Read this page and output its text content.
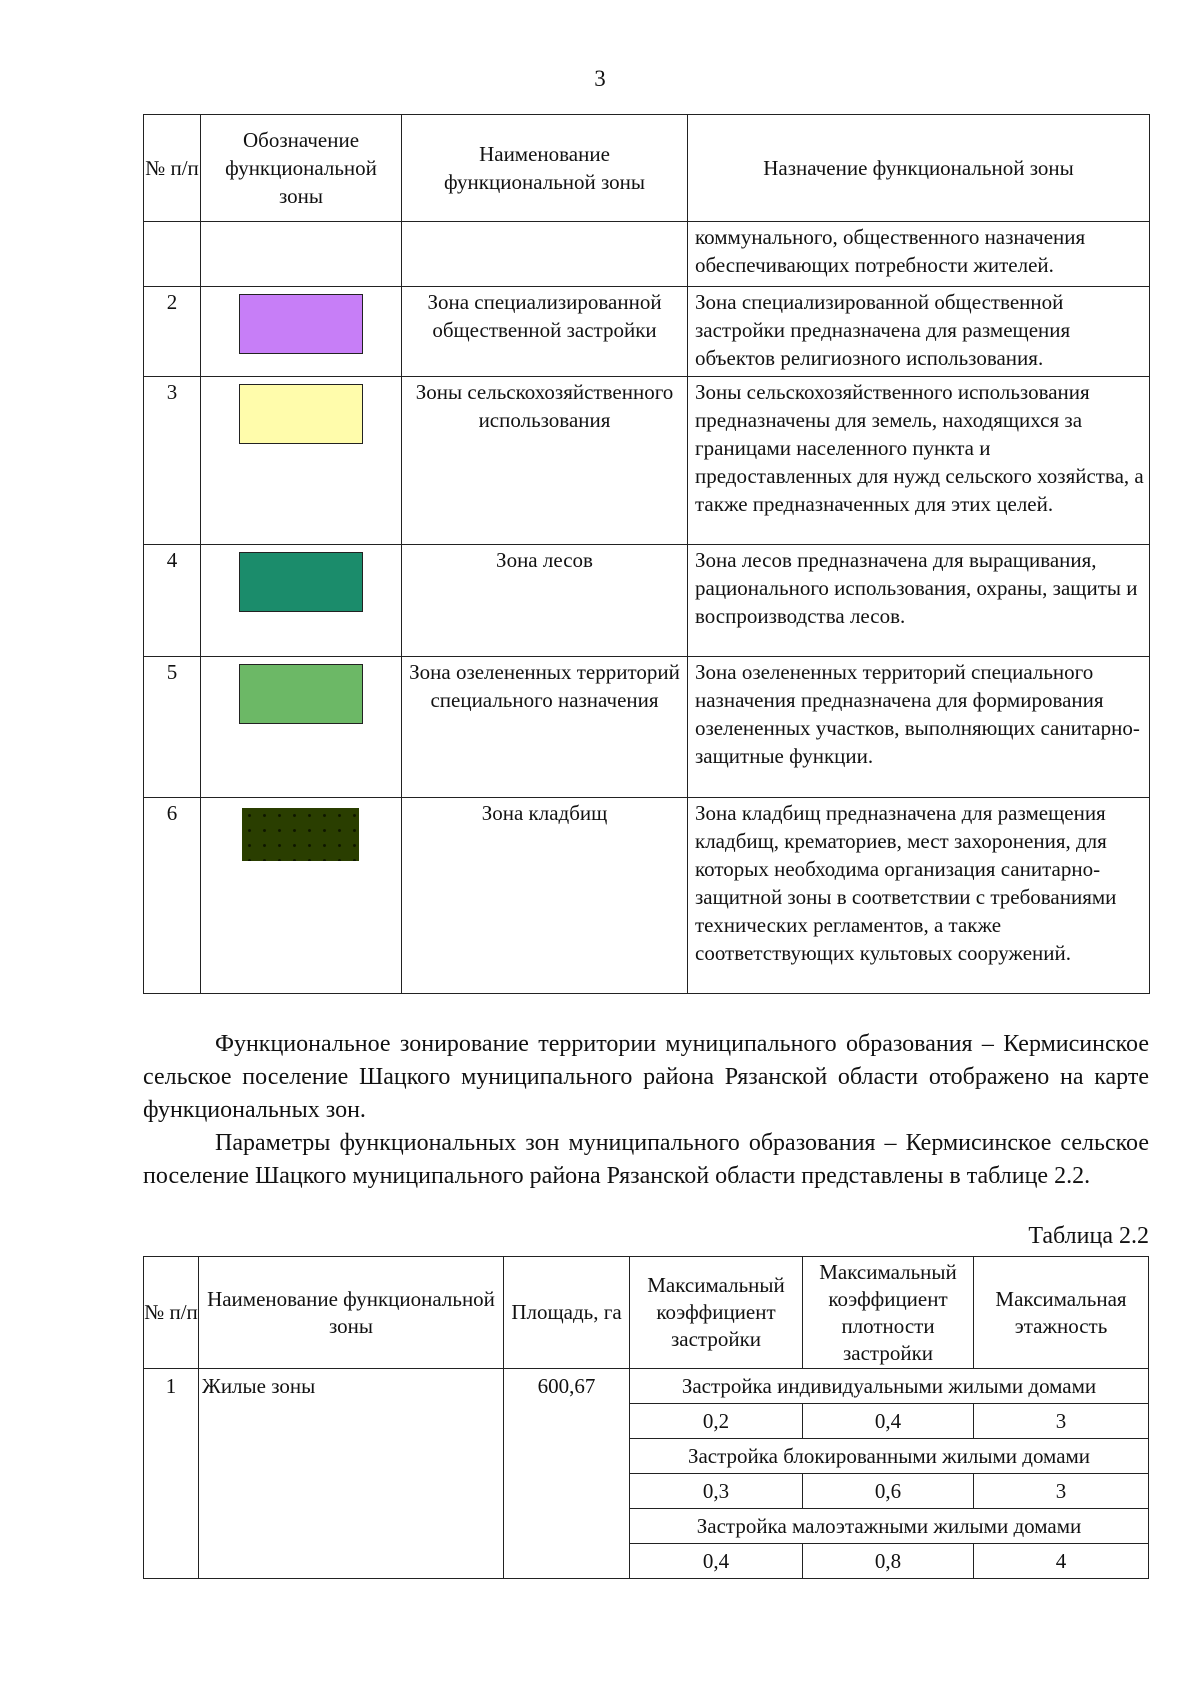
3
№ п/п	Обозначение функциональной зоны	Наименование функциональной зоны	Назначение функциональной зоны
			коммунального, общественного назначения обеспечивающих потребности жителей.
2		Зона специализированной общественной застройки	Зона специализированной общественной застройки предназначена для размещения объектов религиозного использования.
3		Зоны сельскохозяйственного использования	Зоны сельскохозяйственного использования предназначены для земель, находящихся за границами населенного пункта и предоставленных для нужд сельского хозяйства, а также предназначенных для этих целей.
4		Зона лесов	Зона лесов предназначена для выращивания, рационального использования, охраны, защиты и воспроизводства лесов.
5		Зона озелененных территорий специального назначения	Зона озелененных территорий специального назначения предназначена для формирования озелененных участков, выполняющих санитарно-защитные функции.
6		Зона кладбищ	Зона кладбищ предназначена для размещения кладбищ, крематориев, мест захоронения, для которых необходима организация санитарно-защитной зоны в соответствии с требованиями технических регламентов, а также соответствующих культовых сооружений.

Функциональное зонирование территории муниципального образования – Кермисинское сельское поселение Шацкого муниципального района Рязанской области отображено на карте функциональных зон.

Параметры функциональных зон муниципального образования – Кермисинское сельское поселение Шацкого муниципального района Рязанской области представлены в таблице 2.2.

Таблица 2.2
№ п/п	Наименование функциональной зоны	Площадь, га	Максимальный коэффициент застройки	Максимальный коэффициент плотности застройки	Максимальная этажность
1	Жилые зоны	600,67	Застройка индивидуальными жилыми домами		
			0,2	0,4	3
			Застройка блокированными жилыми домами		
			0,3	0,6	3
			Застройка малоэтажными жилыми домами		
			0,4	0,8	4
